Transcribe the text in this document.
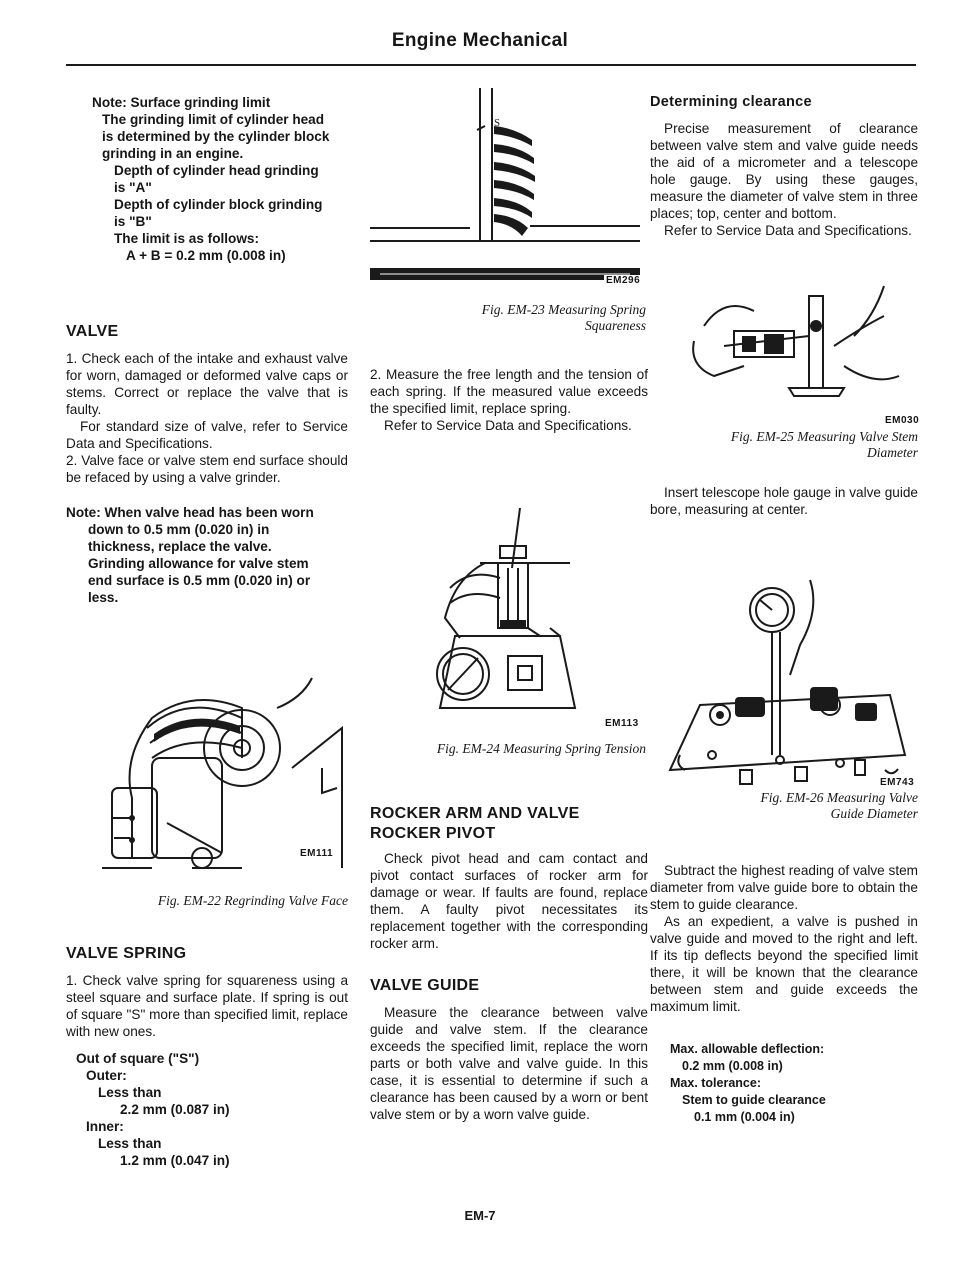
Engine Mechanical

Note: Surface grinding limit

The grinding limit of cylinder head

is determined by the cylinder block

grinding in an engine.

Depth of cylinder head grinding

is "A"

Depth of cylinder block grinding

is "B"

The limit is as follows:

A + B = 0.2 mm (0.008 in)

VALVE

1. Check each of the intake and exhaust valve for worn, damaged or deformed valve caps or stems. Correct or replace the valve that is faulty.

For standard size of valve, refer to Service Data and Specifications.

2. Valve face or valve stem end surface should be refaced by using a valve grinder.

Note: When valve head has been worn

down to 0.5 mm (0.020 in) in

thickness, replace the valve.

Grinding allowance for valve stem

end surface is 0.5 mm (0.020 in) or

less.

EM111
Fig. EM-22 Regrinding Valve Face

VALVE SPRING

1. Check valve spring for squareness using a steel square and surface plate. If spring is out of square "S" more than specified limit, replace with new ones.

Out of square ("S")

Outer:

Less than

2.2 mm (0.087 in)

Inner:

Less than

1.2 mm (0.047 in)

S
EM296
Fig. EM-23 Measuring Spring
Squareness

2. Measure the free length and the tension of each spring. If the measured value exceeds the specified limit, replace spring.

Refer to Service Data and Specifications.

EM113
Fig. EM-24 Measuring Spring Tension

ROCKER ARM AND VALVE

ROCKER PIVOT

Check pivot head and cam contact and pivot contact surfaces of rocker arm for damage or wear. If faults are found, replace them. A faulty pivot necessitates its replacement together with the corresponding rocker arm.

VALVE GUIDE

Measure the clearance between valve guide and valve stem. If the clearance exceeds the specified limit, replace the worn parts or both valve and valve guide. In this case, it is essential to determine if such a clearance has been caused by a worn or bent valve stem or by a worn valve guide.

Determining clearance

Precise measurement of clearance between valve stem and valve guide needs the aid of a micrometer and a telescope hole gauge. By using these gauges, measure the diameter of valve stem in three places; top, center and bottom.

Refer to Service Data and Specifications.

EM030
Fig. EM-25 Measuring Valve Stem
Diameter

Insert telescope hole gauge in valve guide bore, measuring at center.

EM743
Fig. EM-26 Measuring Valve
Guide Diameter

Subtract the highest reading of valve stem diameter from valve guide bore to obtain the stem to guide clearance.

As an expedient, a valve is pushed in valve guide and moved to the right and left. If its tip deflects beyond the specified limit there, it will be known that the clearance between stem and guide exceeds the maximum limit.

Max. allowable deflection:

0.2 mm (0.008 in)

Max. tolerance:

Stem to guide clearance

0.1 mm (0.004 in)

EM-7
